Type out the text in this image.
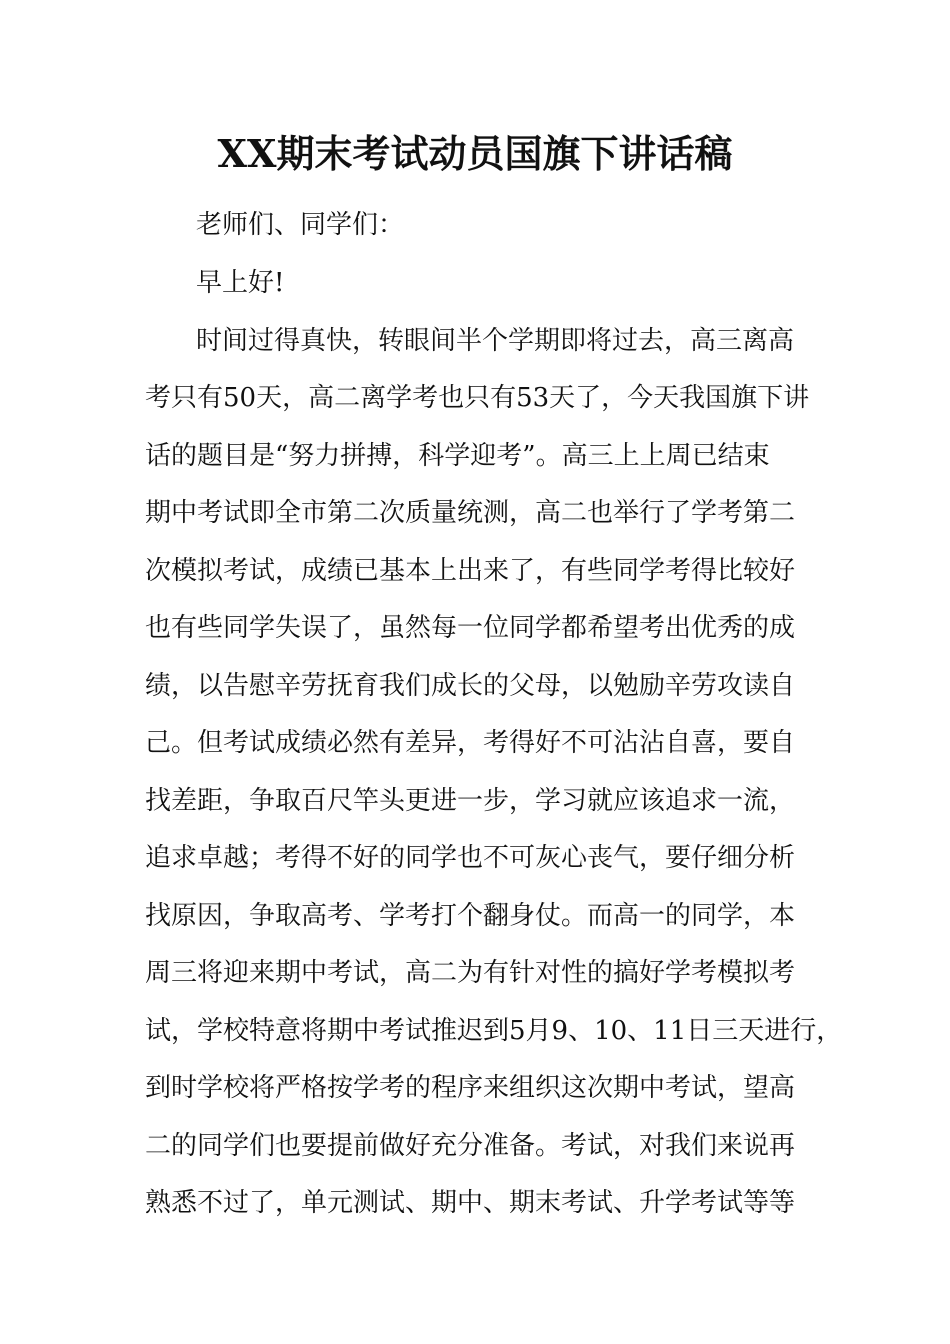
XX期末考试动员国旗下讲话稿
老师们、同学们：
早上好!
时间过得真快，转眼间半个学期即将过去，高三离高
考只有50天，高二离学考也只有53天了，今天我国旗下讲
话的题目是“努力拼搏，科学迎考”。高三上上周已结束
期中考试即全市第二次质量统测，高二也举行了学考第二
次模拟考试，成绩已基本上出来了，有些同学考得比较好
也有些同学失误了，虽然每一位同学都希望考出优秀的成
绩，以告慰辛劳抚育我们成长的父母，以勉励辛劳攻读自
己。但考试成绩必然有差异，考得好不可沾沾自喜，要自
找差距，争取百尺竿头更进一步，学习就应该追求一流，
追求卓越；考得不好的同学也不可灰心丧气，要仔细分析
找原因，争取高考、学考打个翻身仗。而高一的同学，本
周三将迎来期中考试，高二为有针对性的搞好学考模拟考
试，学校特意将期中考试推迟到5月9、10、11日三天进行，
到时学校将严格按学考的程序来组织这次期中考试，望高
二的同学们也要提前做好充分准备。考试，对我们来说再
熟悉不过了，单元测试、期中、期末考试、升学考试等等
